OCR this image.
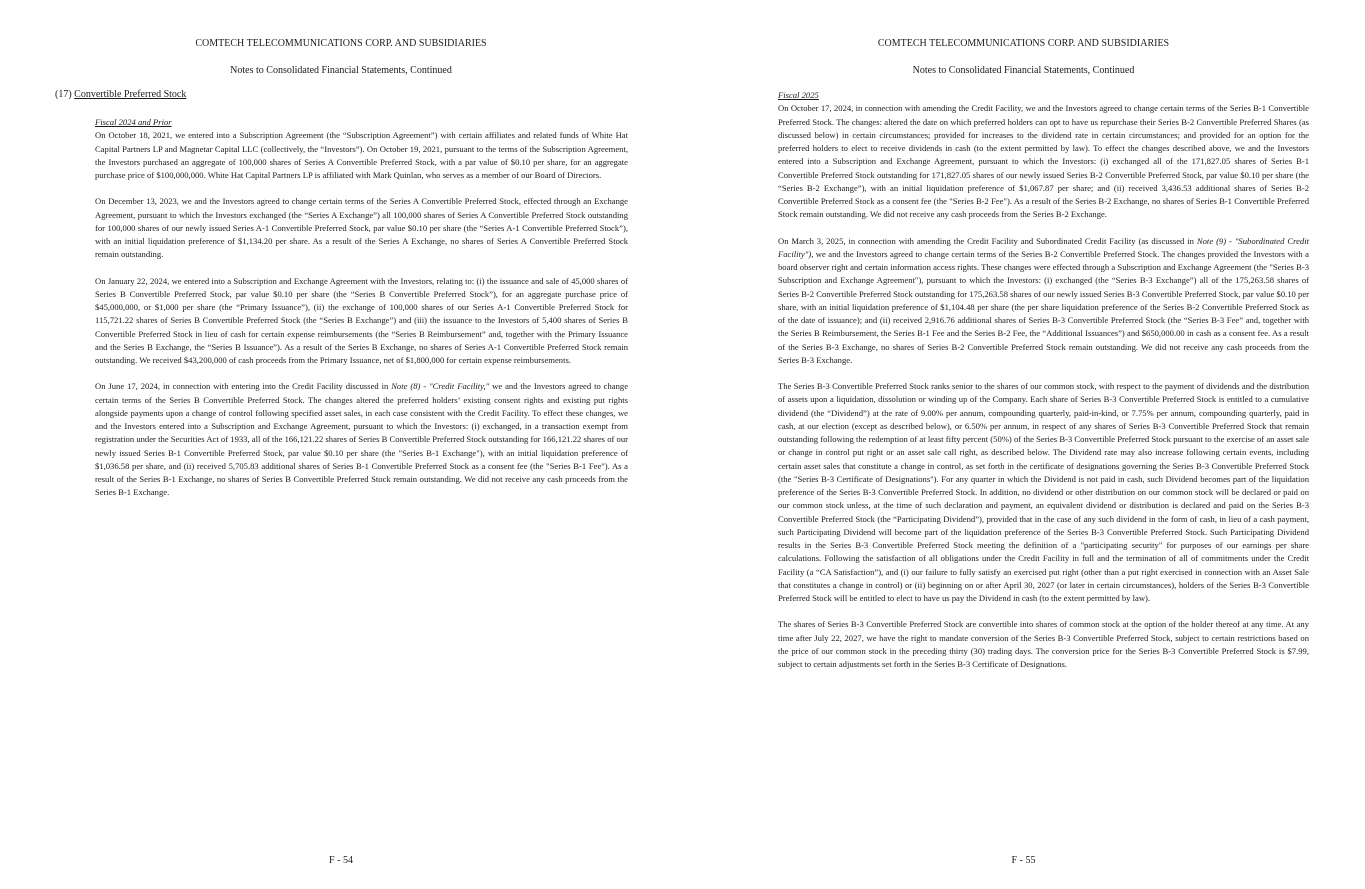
COMTECH TELECOMMUNICATIONS CORP. AND SUBSIDIARIES
Notes to Consolidated Financial Statements, Continued
(17) Convertible Preferred Stock

Fiscal 2024 and Prior

On October 18, 2021, we entered into a Subscription Agreement (the “Subscription Agreement”) with certain affiliates and related funds of White Hat Capital Partners LP and Magnetar Capital LLC (collectively, the “Investors”). On October 19, 2021, pursuant to the terms of the Subscription Agreement, the Investors purchased an aggregate of 100,000 shares of Series A Convertible Preferred Stock, with a par value of $0.10 per share, for an aggregate purchase price of $100,000,000. White Hat Capital Partners LP is affiliated with Mark Quinlan, who serves as a member of our Board of Directors.

On December 13, 2023, we and the Investors agreed to change certain terms of the Series A Convertible Preferred Stock, effected through an Exchange Agreement, pursuant to which the Investors exchanged (the “Series A Exchange”) all 100,000 shares of Series A Convertible Preferred Stock outstanding for 100,000 shares of our newly issued Series A-1 Convertible Preferred Stock, par value $0.10 per share (the “Series A-1 Convertible Preferred Stock”), with an initial liquidation preference of $1,134.20 per share. As a result of the Series A Exchange, no shares of Series A Convertible Preferred Stock remain outstanding.

On January 22, 2024, we entered into a Subscription and Exchange Agreement with the Investors, relating to: (i) the issuance and sale of 45,000 shares of Series B Convertible Preferred Stock, par value $0.10 per share (the “Series B Convertible Preferred Stock”), for an aggregate purchase price of $45,000,000, or $1,000 per share (the “Primary Issuance”), (ii) the exchange of 100,000 shares of our Series A-1 Convertible Preferred Stock for 115,721.22 shares of Series B Convertible Preferred Stock (the “Series B Exchange”) and (iii) the issuance to the Investors of 5,400 shares of Series B Convertible Preferred Stock in lieu of cash for certain expense reimbursements (the “Series B Reimbursement” and, together with the Primary Issuance and the Series B Exchange, the “Series B Issuance”). As a result of the Series B Exchange, no shares of Series A-1 Convertible Preferred Stock remain outstanding. We received $43,200,000 of cash proceeds from the Primary Issuance, net of $1,800,000 for certain expense reimbursements.

On June 17, 2024, in connection with entering into the Credit Facility discussed in Note (8) - "Credit Facility," we and the Investors agreed to change certain terms of the Series B Convertible Preferred Stock. The changes altered the preferred holders’ existing consent rights and existing put rights alongside payments upon a change of control following specified asset sales, in each case consistent with the Credit Facility. To effect these changes, we and the Investors entered into a Subscription and Exchange Agreement, pursuant to which the Investors: (i) exchanged, in a transaction exempt from registration under the Securities Act of 1933, all of the 166,121.22 shares of Series B Convertible Preferred Stock outstanding for 166,121.22 shares of our newly issued Series B-1 Convertible Preferred Stock, par value $0.10 per share (the "Series B-1 Exchange"), with an initial liquidation preference of $1,036.58 per share, and (ii) received 5,705.83 additional shares of Series B-1 Convertible Preferred Stock as a consent fee (the "Series B-1 Fee"). As a result of the Series B-1 Exchange, no shares of Series B Convertible Preferred Stock remain outstanding. We did not receive any cash proceeds from the Series B-1 Exchange.

F - 54
COMTECH TELECOMMUNICATIONS CORP. AND SUBSIDIARIES
Notes to Consolidated Financial Statements, Continued

Fiscal 2025

On October 17, 2024, in connection with amending the Credit Facility, we and the Investors agreed to change certain terms of the Series B-1 Convertible Preferred Stock. The changes: altered the date on which preferred holders can opt to have us repurchase their Series B-2 Convertible Preferred Shares (as discussed below) in certain circumstances; provided for increases to the dividend rate in certain circumstances; and provided for an option for the preferred holders to elect to receive dividends in cash (to the extent permitted by law). To effect the changes described above, we and the Investors entered into a Subscription and Exchange Agreement, pursuant to which the Investors: (i) exchanged all of the 171,827.05 shares of Series B-1 Convertible Preferred Stock outstanding for 171,827.05 shares of our newly issued Series B-2 Convertible Preferred Stock, par value $0.10 per share (the “Series B-2 Exchange”), with an initial liquidation preference of $1,067.87 per share; and (ii) received 3,436.53 additional shares of Series B-2 Convertible Preferred Stock as a consent fee (the "Series B-2 Fee"). As a result of the Series B-2 Exchange, no shares of Series B-1 Convertible Preferred Stock remain outstanding. We did not receive any cash proceeds from the Series B-2 Exchange.

On March 3, 2025, in connection with amending the Credit Facility and Subordinated Credit Facility (as discussed in Note (9) - "Subordinated Credit Facility"), we and the Investors agreed to change certain terms of the Series B-2 Convertible Preferred Stock. The changes provided the Investors with a board observer right and certain information access rights. These changes were effected through a Subscription and Exchange Agreement (the "Series B-3 Subscription and Exchange Agreement"), pursuant to which the Investors: (i) exchanged (the “Series B-3 Exchange”) all of the 175,263.58 shares of Series B-2 Convertible Preferred Stock outstanding for 175,263.58 shares of our newly issued Series B-3 Convertible Preferred Stock, par value $0.10 per share, with an initial liquidation preference of $1,104.48 per share (the per share liquidation preference of the Series B-2 Convertible Preferred Stock as of the date of issuance); and (ii) received 2,916.76 additional shares of Series B-3 Convertible Preferred Stock (the “Series B-3 Fee” and, together with the Series B Reimbursement, the Series B-1 Fee and the Series B-2 Fee, the “Additional Issuances”) and $650,000.00 in cash as a consent fee. As a result of the Series B-3 Exchange, no shares of Series B-2 Convertible Preferred Stock remain outstanding. We did not receive any cash proceeds from the Series B-3 Exchange.

The Series B-3 Convertible Preferred Stock ranks senior to the shares of our common stock, with respect to the payment of dividends and the distribution of assets upon a liquidation, dissolution or winding up of the Company. Each share of Series B-3 Convertible Preferred Stock is entitled to a cumulative dividend (the “Dividend”) at the rate of 9.00% per annum, compounding quarterly, paid-in-kind, or 7.75% per annum, compounding quarterly, paid in cash, at our election (except as described below), or 6.50% per annum, in respect of any shares of Series B-3 Convertible Preferred Stock that remain outstanding following the redemption of at least fifty percent (50%) of the Series B-3 Convertible Preferred Stock pursuant to the exercise of an asset sale or change in control put right or an asset sale call right, as described below. The Dividend rate may also increase following certain events, including certain asset sales that constitute a change in control, as set forth in the certificate of designations governing the Series B-3 Convertible Preferred Stock (the "Series B-3 Certificate of Designations"). For any quarter in which the Dividend is not paid in cash, such Dividend becomes part of the liquidation preference of the Series B-3 Convertible Preferred Stock. In addition, no dividend or other distribution on our common stock will be declared or paid on our common stock unless, at the time of such declaration and payment, an equivalent dividend or distribution is declared and paid on the Series B-3 Convertible Preferred Stock (the “Participating Dividend”), provided that in the case of any such dividend in the form of cash, in lieu of a cash payment, such Participating Dividend will become part of the liquidation preference of the Series B-3 Convertible Preferred Stock. Such Participating Dividend results in the Series B-3 Convertible Preferred Stock meeting the definition of a "participating security" for purposes of our earnings per share calculations. Following the satisfaction of all obligations under the Credit Facility in full and the termination of all of commitments under the Credit Facility (a “CA Satisfaction”), and (i) our failure to fully satisfy an exercised put right (other than a put right exercised in connection with an Asset Sale that constitutes a change in control) or (ii) beginning on or after April 30, 2027 (or later in certain circumstances), holders of the Series B-3 Convertible Preferred Stock will be entitled to elect to have us pay the Dividend in cash (to the extent permitted by law).

The shares of Series B-3 Convertible Preferred Stock are convertible into shares of common stock at the option of the holder thereof at any time. At any time after July 22, 2027, we have the right to mandate conversion of the Series B-3 Convertible Preferred Stock, subject to certain restrictions based on the price of our common stock in the preceding thirty (30) trading days. The conversion price for the Series B-3 Convertible Preferred Stock is $7.99, subject to certain adjustments set forth in the Series B-3 Certificate of Designations.

F - 55
